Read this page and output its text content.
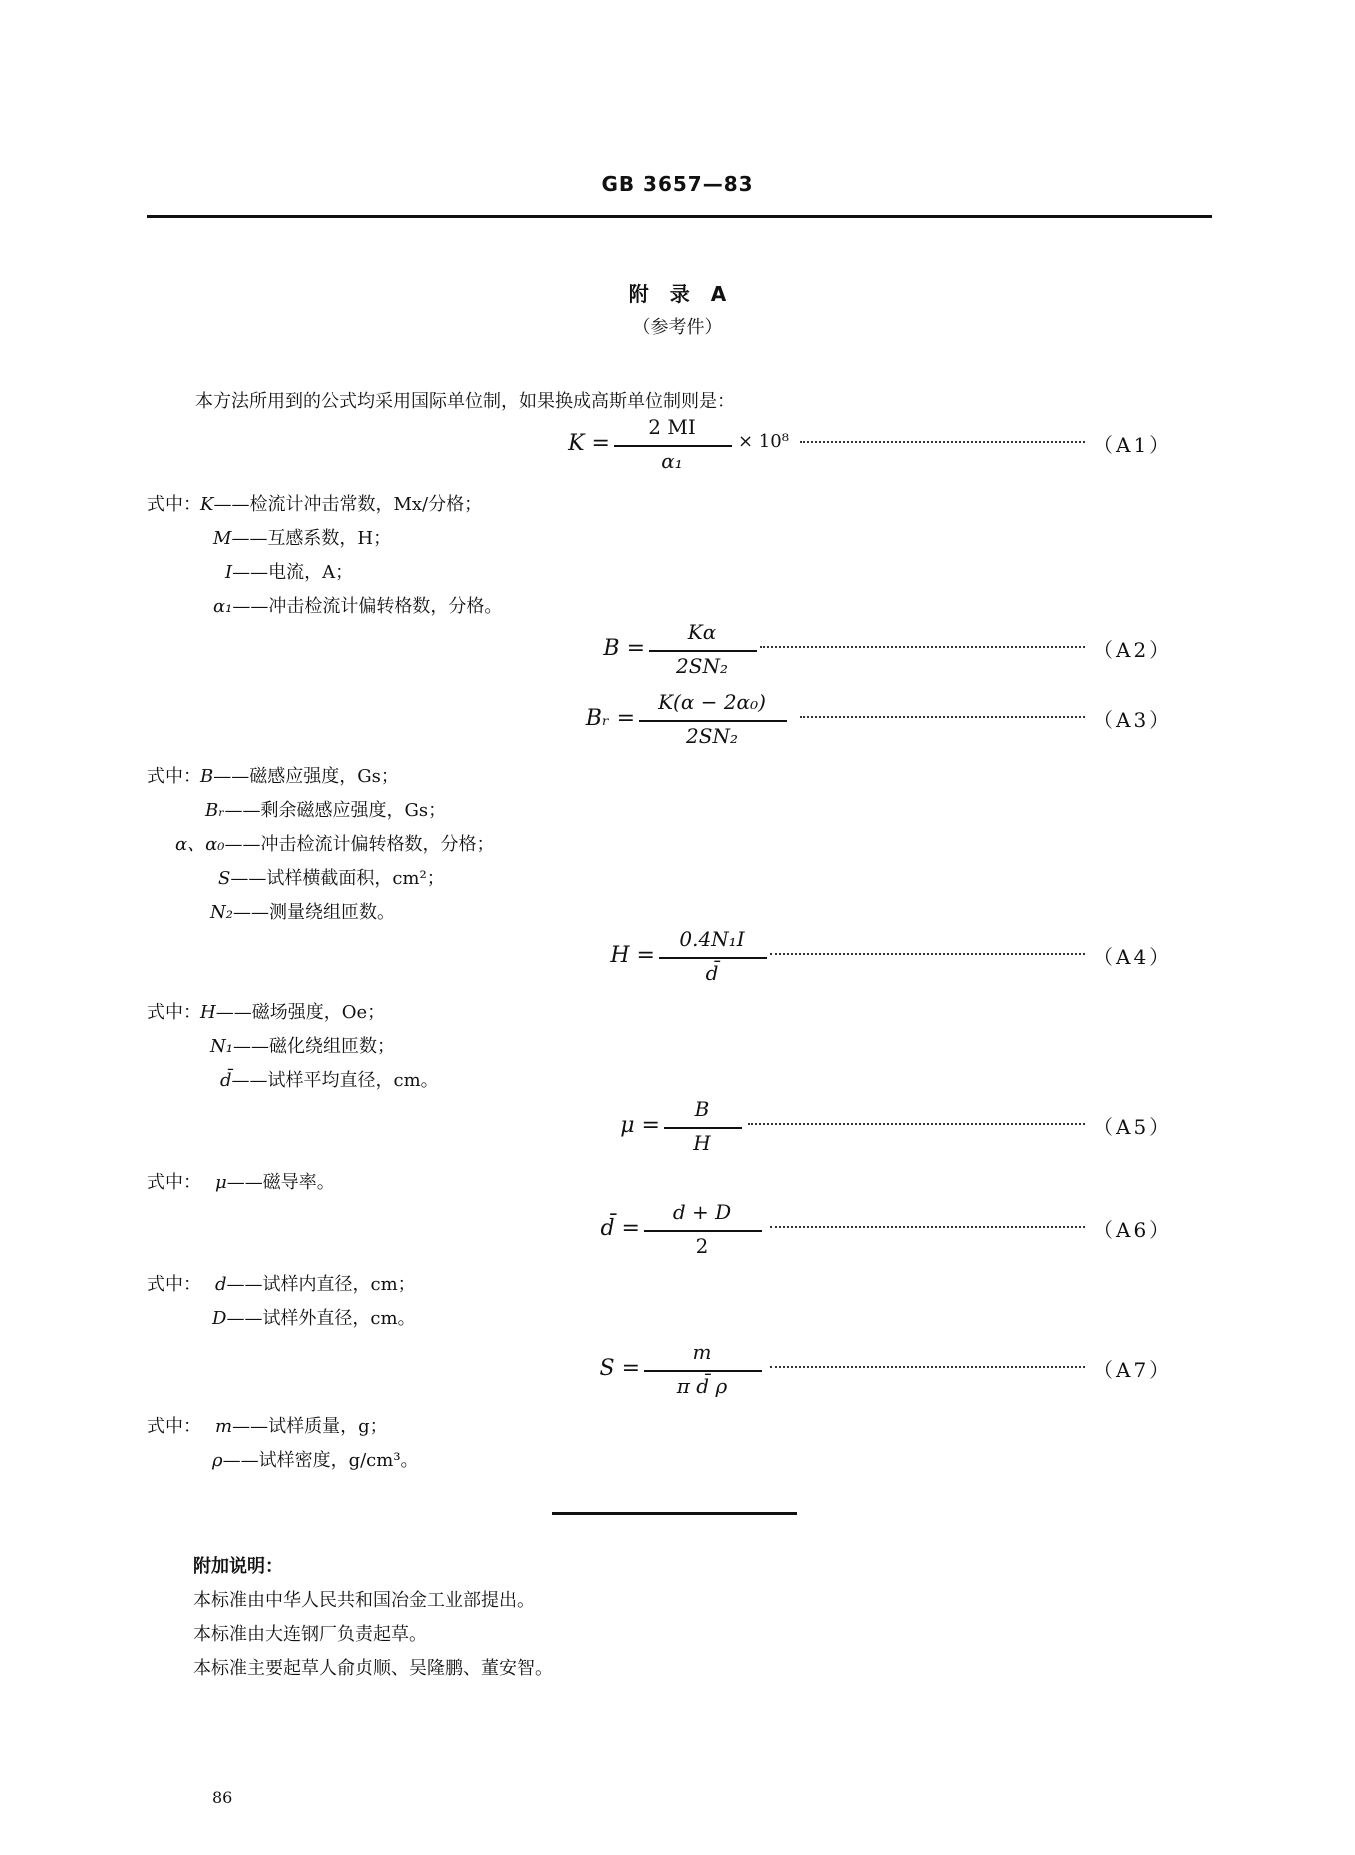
GB 3657—83
附 录 A
（参考件）
本方法所用到的公式均采用国际单位制，如果换成高斯单位制则是：
K =
2 MI
α₁
× 10⁸	（A1）
式中： K——检流计冲击常数，Mx/分格；
M——互感系数，H；
I——电流，A；
α₁——冲击检流计偏转格数，分格。
B =
Kα
2SN₂
（A2）
Bᵣ =
K(α − 2α₀)
2SN₂
（A3）
式中： B——磁感应强度，Gs；
Bᵣ——剩余磁感应强度，Gs；
α、α₀——冲击检流计偏转格数，分格；
S——试样横截面积，cm²；
N₂——测量绕组匝数。
H =
0.4N₁I
d̄
（A4）
式中： H——磁场强度，Oe；
N₁——磁化绕组匝数；
d̄——试样平均直径，cm。
μ =
B
H
（A5）
式中： μ——磁导率。
d̄ =
d + D
2
（A6）
式中： d——试样内直径，cm；
D——试样外直径，cm。
S =
m
π d̄ ρ
（A7）
式中： m——试样质量，g；
ρ——试样密度，g/cm³。
附加说明：
本标准由中华人民共和国冶金工业部提出。
本标准由大连钢厂负责起草。
本标准主要起草人俞贞顺、吴隆鹏、董安智。
86
